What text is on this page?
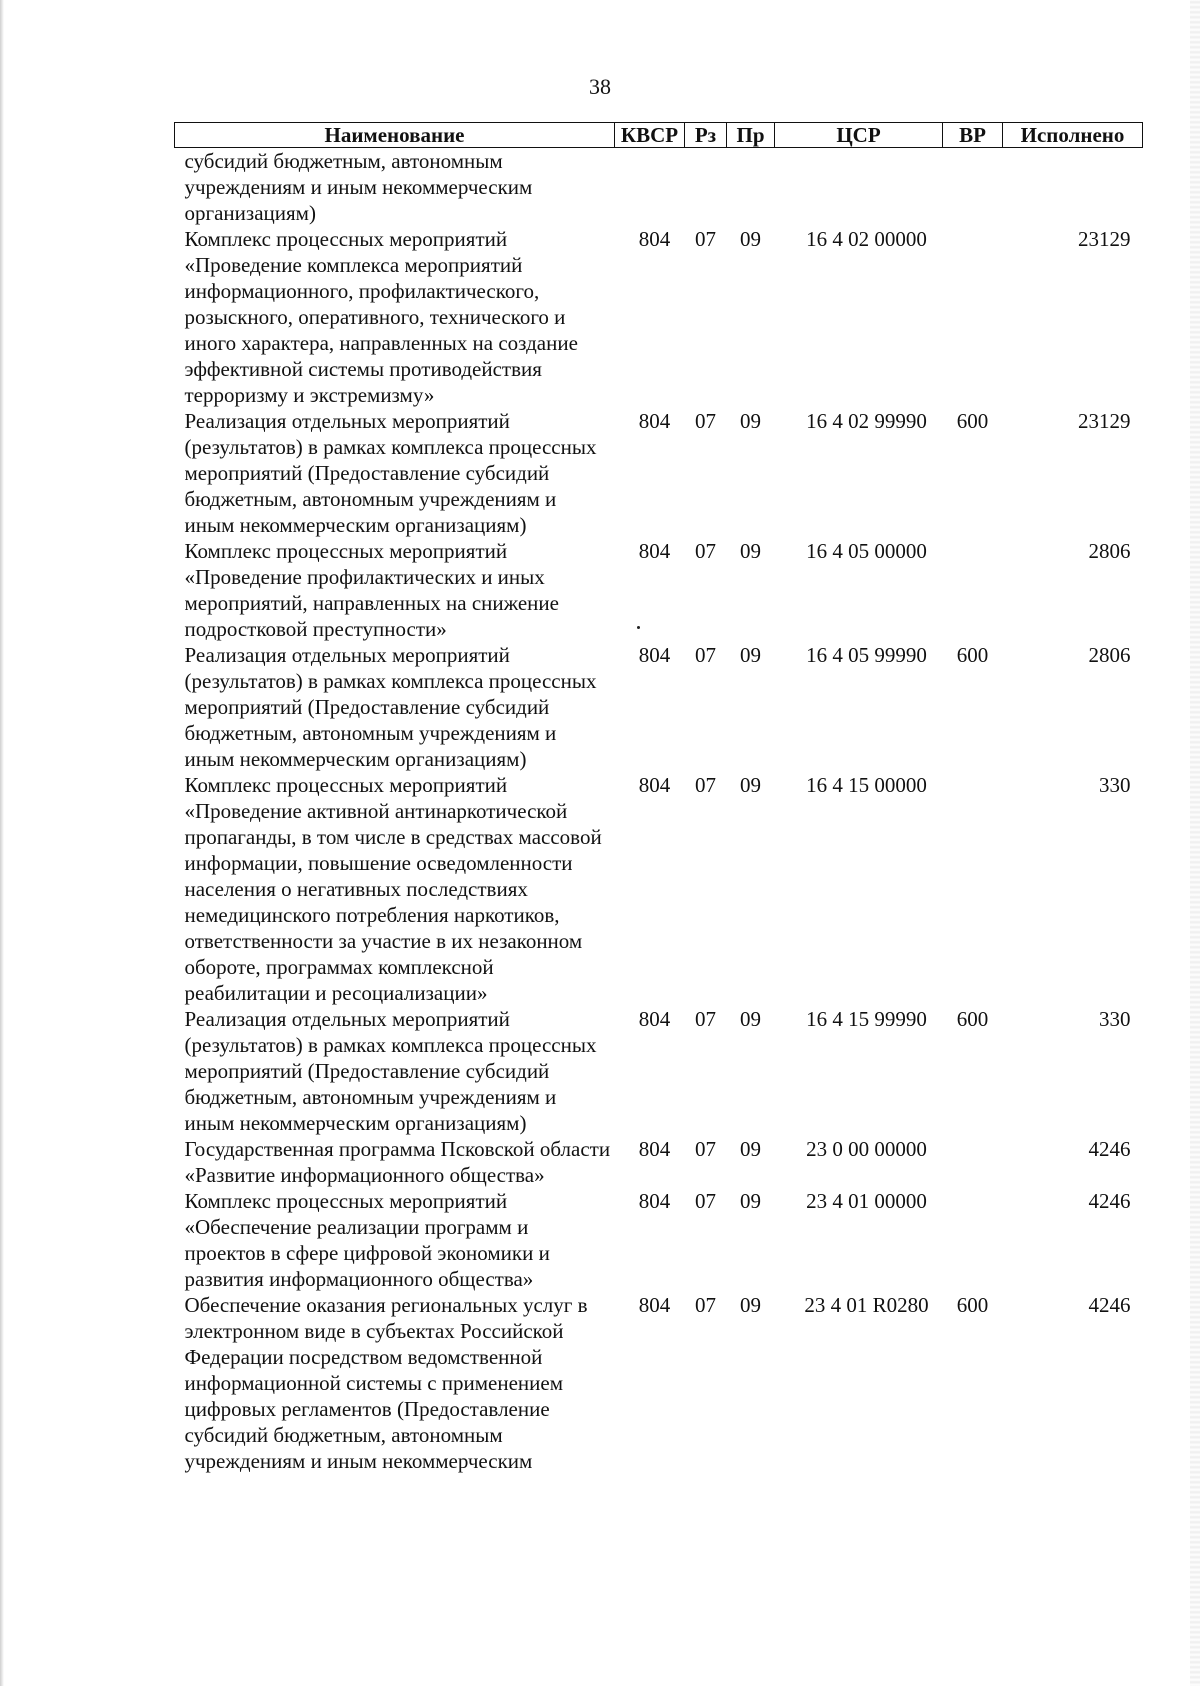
38
Наименование	КВСР	Рз	Пр	ЦСР	ВР	Исполнено
субсидий бюджетным, автономным учреждениям и иным некоммерческим организациям)						
Комплекс процессных мероприятий «Проведение комплекса мероприятий информационного, профилактического, розыскного, оперативного, технического и иного характера, направленных на создание эффективной системы противодействия терроризму и экстремизму»	804	07	09	16 4 02 00000		23129
Реализация отдельных мероприятий (результатов) в рамках комплекса процессных мероприятий (Предоставление субсидий бюджетным, автономным учреждениям и иным некоммерческим организациям)	804	07	09	16 4 02 99990	600	23129
Комплекс процессных мероприятий «Проведение профилактических и иных мероприятий, направленных на снижение подростковой преступности»	804	07	09	16 4 05 00000		2806
Реализация отдельных мероприятий (результатов) в рамках комплекса процессных мероприятий (Предоставление субсидий бюджетным, автономным учреждениям и иным некоммерческим организациям)	804	07	09	16 4 05 99990	600	2806
Комплекс процессных мероприятий «Проведение активной антинаркотической пропаганды, в том числе в средствах массовой информации, повышение осведомленности населения о негативных последствиях немедицинского потребления наркотиков, ответственности за участие в их незаконном обороте, программах комплексной реабилитации и ресоциализации»	804	07	09	16 4 15 00000		330
Реализация отдельных мероприятий (результатов) в рамках комплекса процессных мероприятий (Предоставление субсидий бюджетным, автономным учреждениям и иным некоммерческим организациям)	804	07	09	16 4 15 99990	600	330
Государственная программа Псковской области «Развитие информационного общества»	804	07	09	23 0 00 00000		4246
Комплекс процессных мероприятий «Обеспечение реализации программ и проектов в сфере цифровой экономики и развития информационного общества»	804	07	09	23 4 01 00000		4246
Обеспечение оказания региональных услуг в электронном виде в субъектах Российской Федерации посредством ведомственной информационной системы с применением цифровых регламентов (Предоставление субсидий бюджетным, автономным учреждениям и иным некоммерческим	804	07	09	23 4 01 R0280	600	4246
